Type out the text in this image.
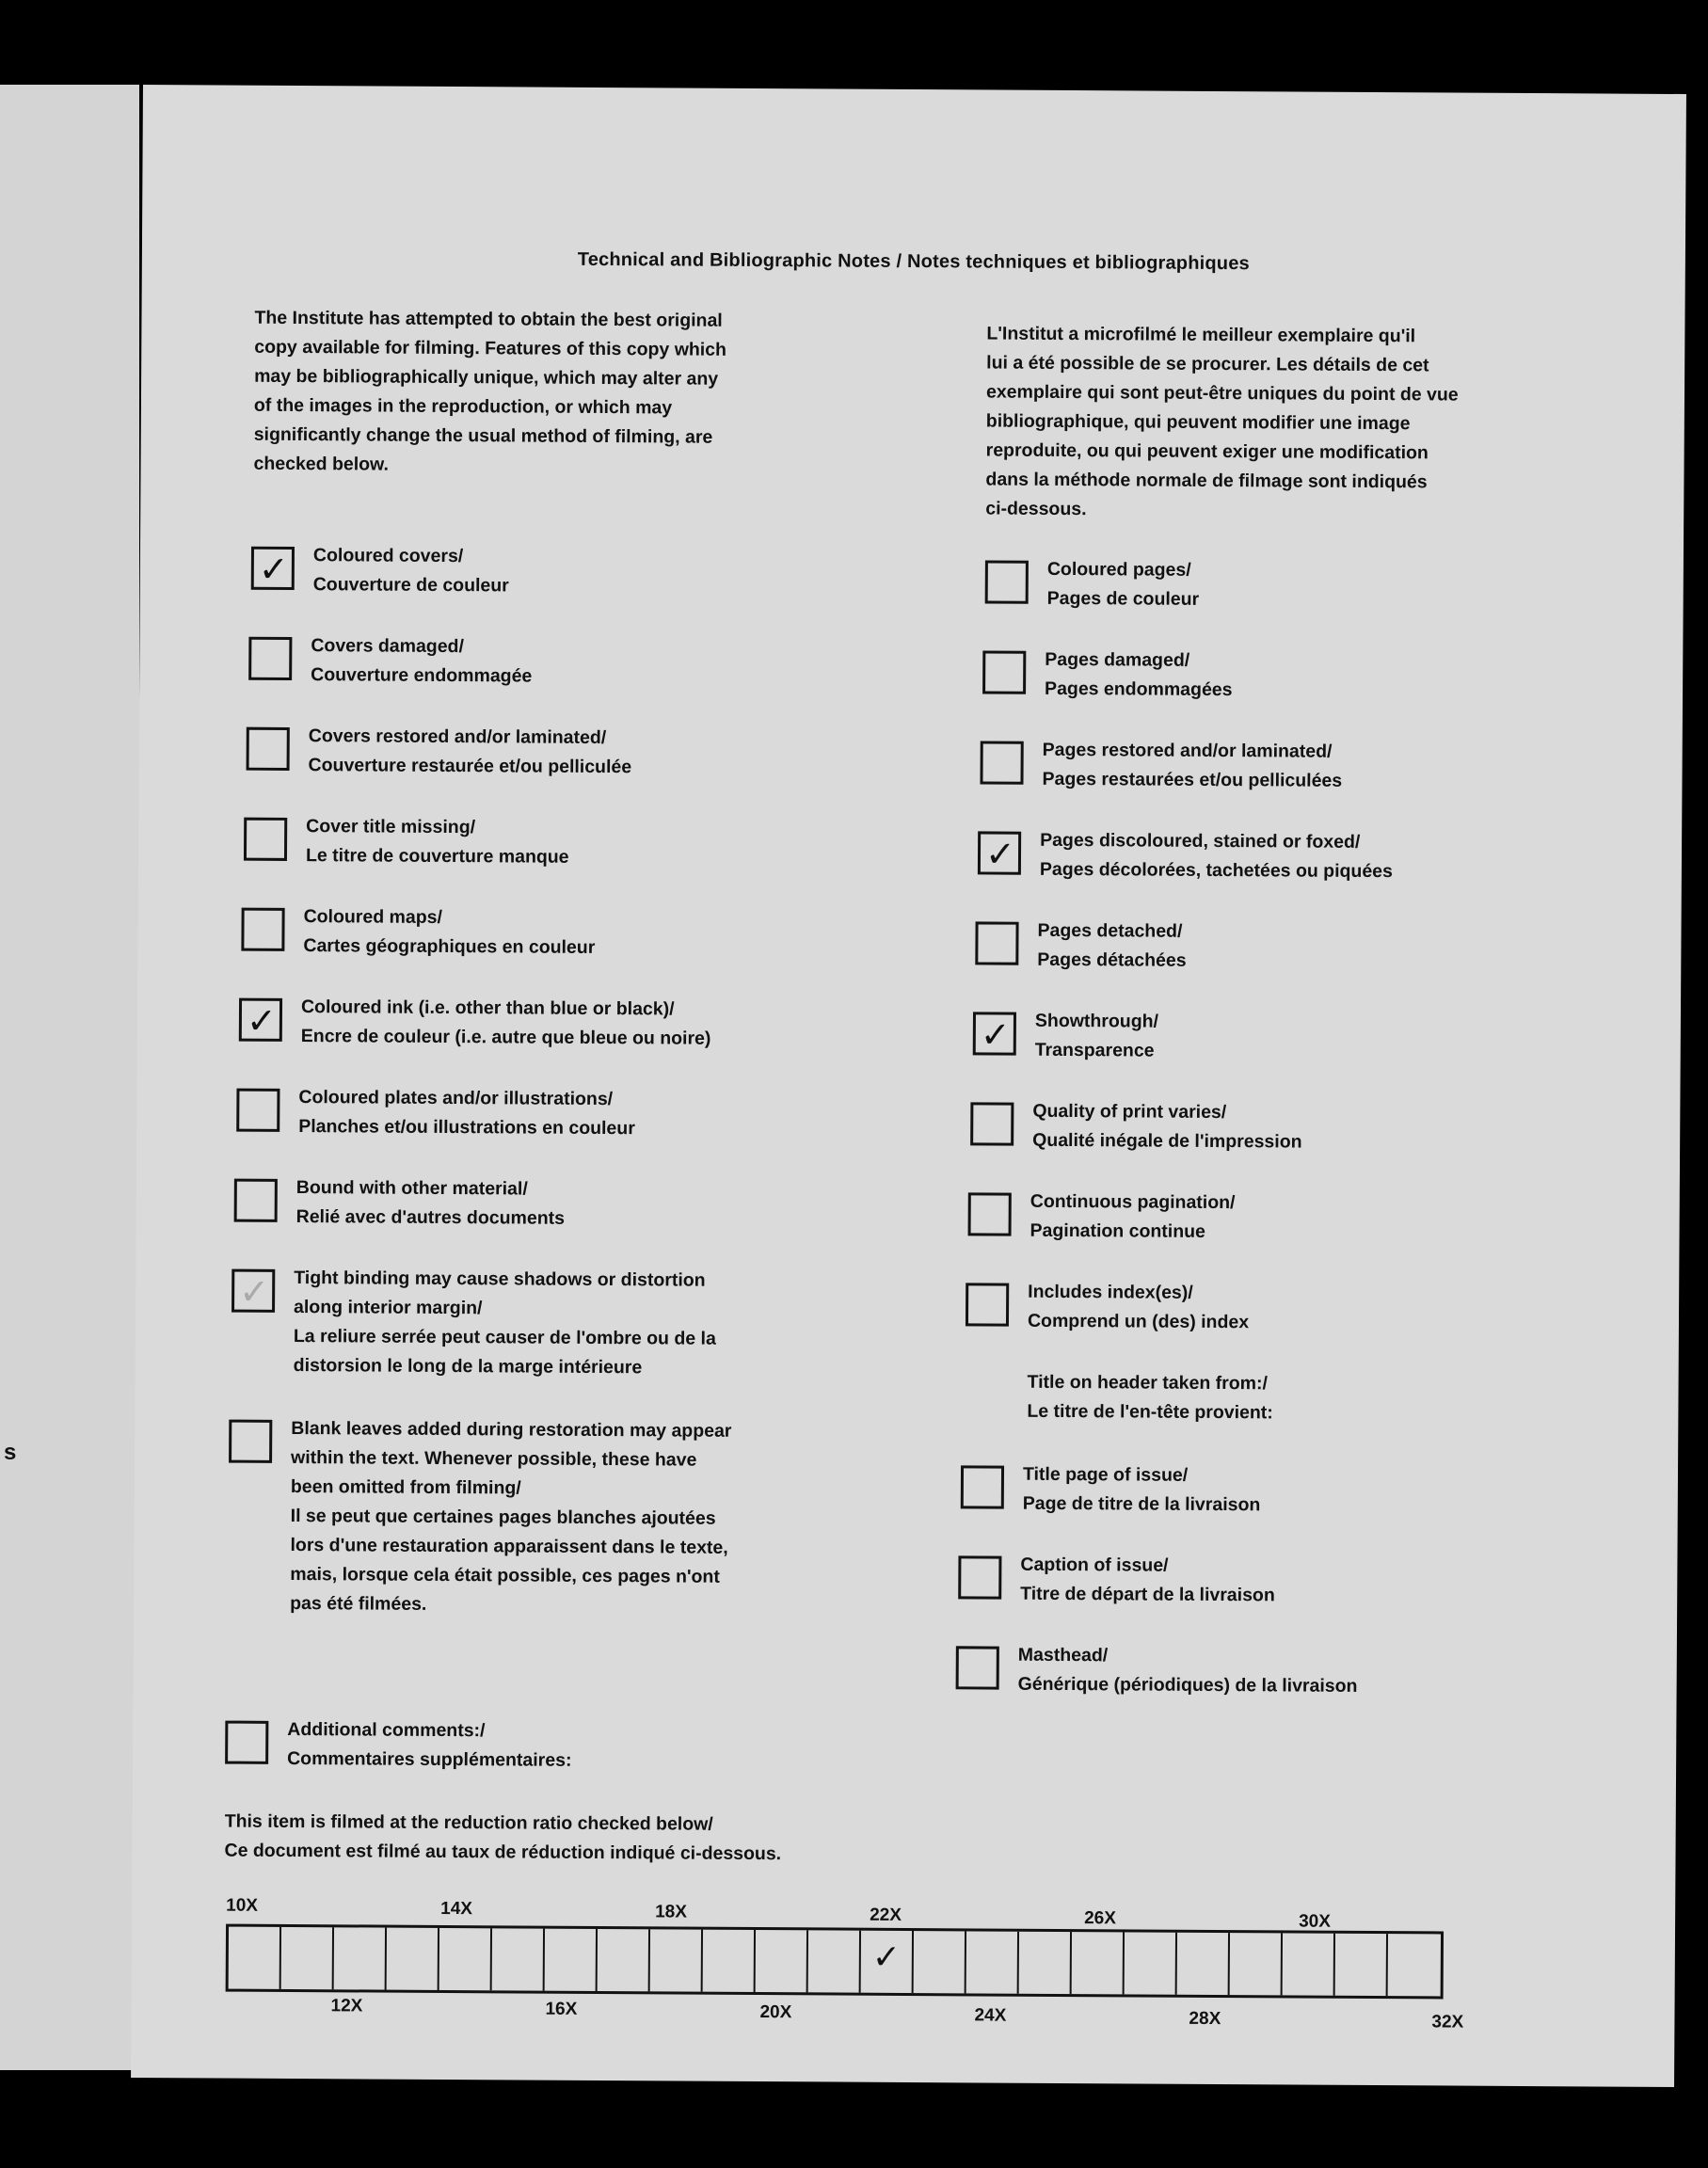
s
Technical and Bibliographic Notes / Notes techniques et bibliographiques
The Institute has attempted to obtain the best original
copy available for filming. Features of this copy which
may be bibliographically unique, which may alter any
of the images in the reproduction, or which may
significantly change the usual method of filming, are
checked below.
L'Institut a microfilmé le meilleur exemplaire qu'il
lui a été possible de se procurer. Les détails de cet
exemplaire qui sont peut-être uniques du point de vue
bibliographique, qui peuvent modifier une image
reproduite, ou qui peuvent exiger une modification
dans la méthode normale de filmage sont indiqués
ci-dessous.
✓ Coloured covers/
Couverture de couleur
Covers damaged/
Couverture endommagée
Covers restored and/or laminated/
Couverture restaurée et/ou pelliculée
Cover title missing/
Le titre de couverture manque
Coloured maps/
Cartes géographiques en couleur
✓ Coloured ink (i.e. other than blue or black)/
Encre de couleur (i.e. autre que bleue ou noire)
Coloured plates and/or illustrations/
Planches et/ou illustrations en couleur
Bound with other material/
Relié avec d'autres documents
✓ Tight binding may cause shadows or distortion
along interior margin/
La reliure serrée peut causer de l'ombre ou de la
distorsion le long de la marge intérieure
Blank leaves added during restoration may appear
within the text. Whenever possible, these have
been omitted from filming/
Il se peut que certaines pages blanches ajoutées
lors d'une restauration apparaissent dans le texte,
mais, lorsque cela était possible, ces pages n'ont
pas été filmées.
Additional comments:/
Commentaires supplémentaires:
Coloured pages/
Pages de couleur
Pages damaged/
Pages endommagées
Pages restored and/or laminated/
Pages restaurées et/ou pelliculées
✓ Pages discoloured, stained or foxed/
Pages décolorées, tachetées ou piquées
Pages detached/
Pages détachées
✓ Showthrough/
Transparence
Quality of print varies/
Qualité inégale de l'impression
Continuous pagination/
Pagination continue
Includes index(es)/
Comprend un (des) index
Title on header taken from:/
Le titre de l'en-tête provient:
Title page of issue/
Page de titre de la livraison
Caption of issue/
Titre de départ de la livraison
Masthead/
Générique (périodiques) de la livraison
This item is filmed at the reduction ratio checked below/
Ce document est filmé au taux de réduction indiqué ci-dessous.
✓
10X	14X	18X	22X	26X	30X
12X	16X	20X	24X	28X	32X
